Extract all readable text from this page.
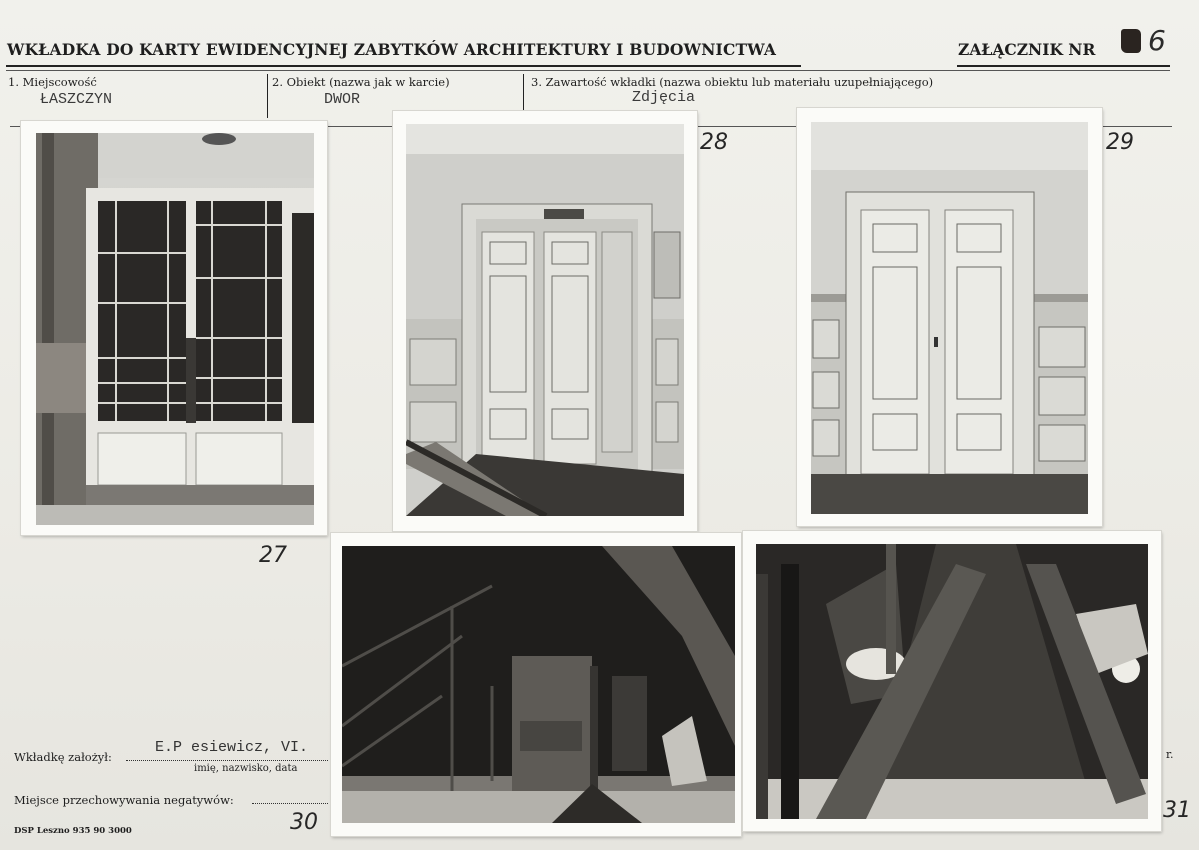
WKŁADKA DO KARTY EWIDENCYJNEJ ZABYTKÓW ARCHITEKTURY I BUDOWNICTWA	ZAŁĄCZNIK NR 6
1. Miejscowość
ŁASZCZYN
2. Obiekt (nazwa jak w karcie)
DWOR
3. Zawartość wkładki (nazwa obiektu lub materiału uzupełniającego)
Zdjęcia
27
28	29
30	31
r.
Wkładkę założył:
E.P esiewicz, VI.
imię, nazwisko, data
Miejsce przechowywania negatywów:
DSP Leszno 935 90 3000
